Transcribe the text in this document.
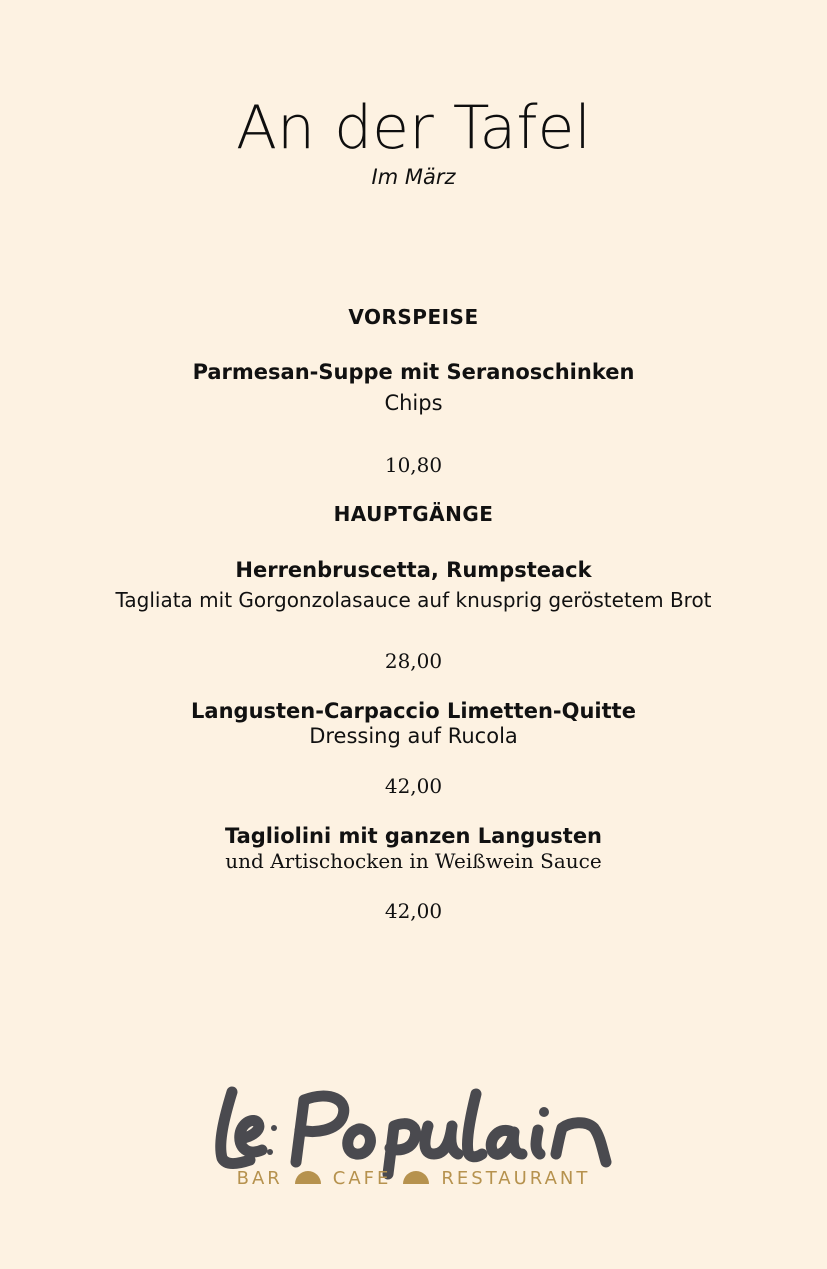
An der Tafel
Im März
VORSPEISE
Parmesan-Suppe mit Seranoschinken
Chips
10,80
HAUPTGÄNGE
Herrenbruscetta, Rumpsteack
Tagliata mit Gorgonzolasauce auf knusprig geröstetem Brot
28,00
Langusten-Carpaccio Limetten-Quitte
Dressing auf Rucola
42,00
Tagliolini mit ganzen Langusten
und Artischocken in Weißwein Sauce
42,00
BAR	CAFE	RESTAURANT
